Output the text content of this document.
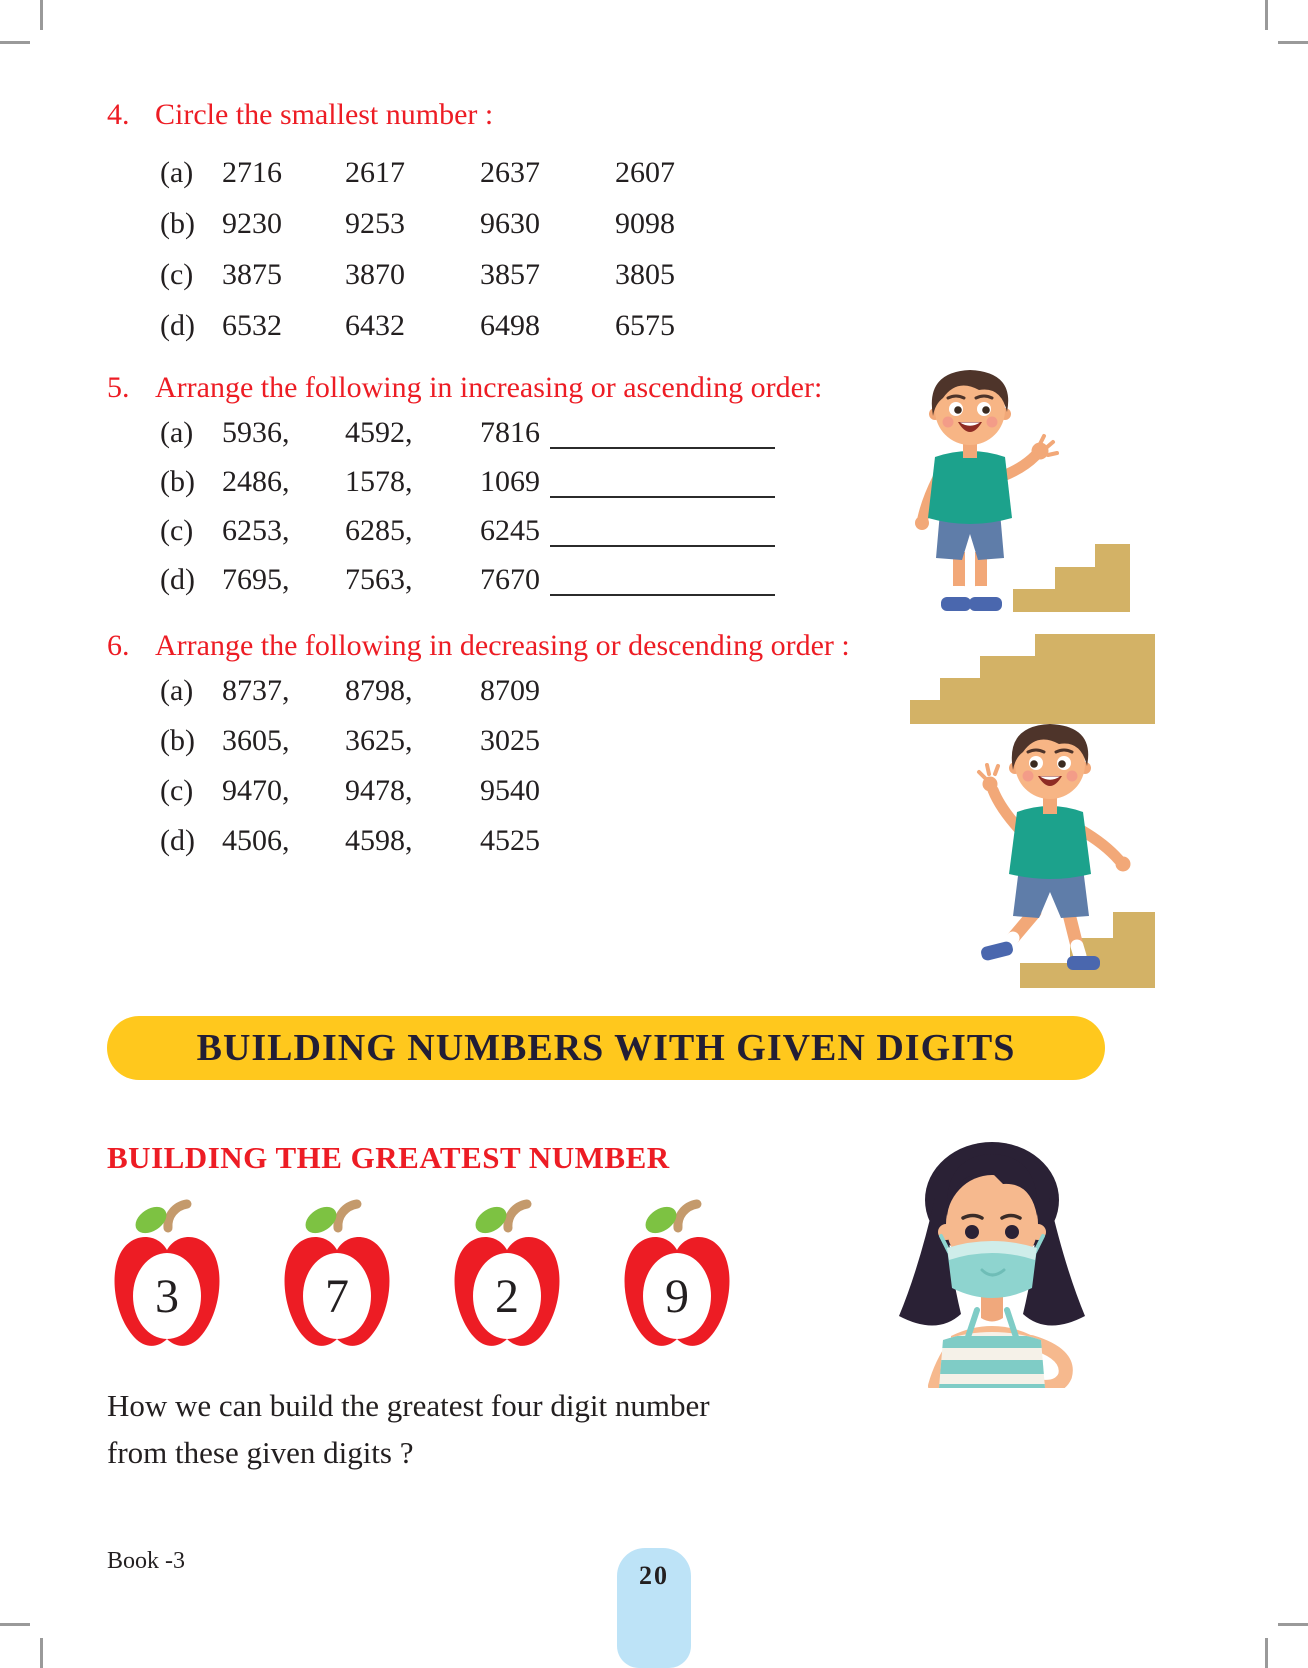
4. Circle the smallest number :
(a) 2716	2617	2637	2607
(b) 9230	9253	9630	9098
(c) 3875	3870	3857	3805
(d) 6532	6432	6498	6575
5. Arrange the following in increasing or ascending order:
(a) 5936,	4592,	7816
(b) 2486,	1578,	1069
(c) 6253,	6285,	6245
(d) 7695,	7563,	7670
6. Arrange the following in decreasing or descending order :
(a) 8737,	8798,	8709
(b) 3605,	3625,	3025
(c) 9470,	9478,	9540
(d) 4506,	4598,	4525
BUILDING NUMBERS WITH GIVEN DIGITS
BUILDING THE GREATEST NUMBER
3	7	2	9
How we can build the greatest four digit number
from these given digits ?
Book -3	20
